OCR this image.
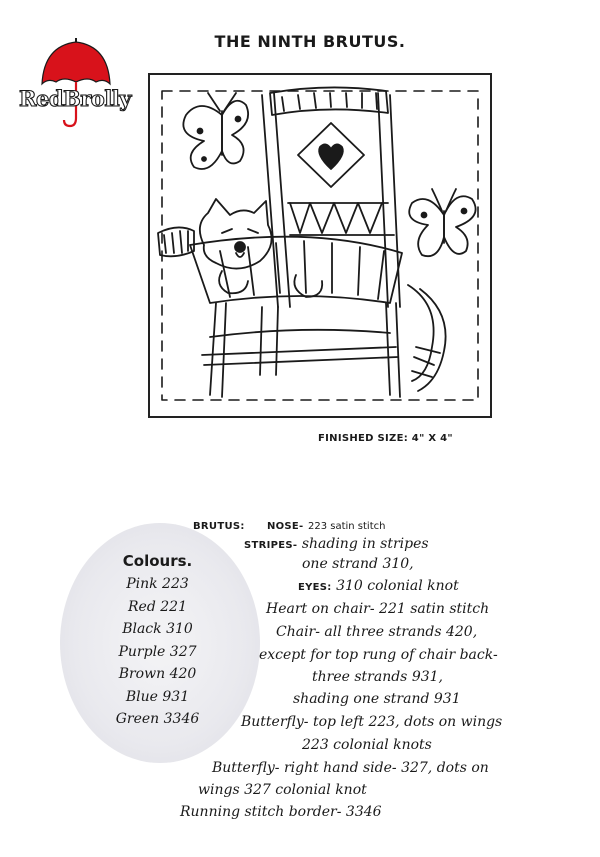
RedBrolly
THE NINTH BRUTUS.
FINISHED SIZE: 4" X 4"
Colours.
Pink 223
Red 221
Black 310
Purple 327
Brown 420
Blue 931
Green 3346
BRUTUS: NOSE- 223 satin stitch
STRIPES- shading in stripes
one strand 310,
EYES: 310 colonial knot
Heart on chair- 221 satin stitch
Chair- all three strands 420,
except for top rung of chair back-
three strands 931,
shading one strand 931
Butterfly- top left 223, dots on wings
223 colonial knots
Butterfly- right hand side- 327, dots on
wings 327 colonial knot
Running stitch border- 3346
